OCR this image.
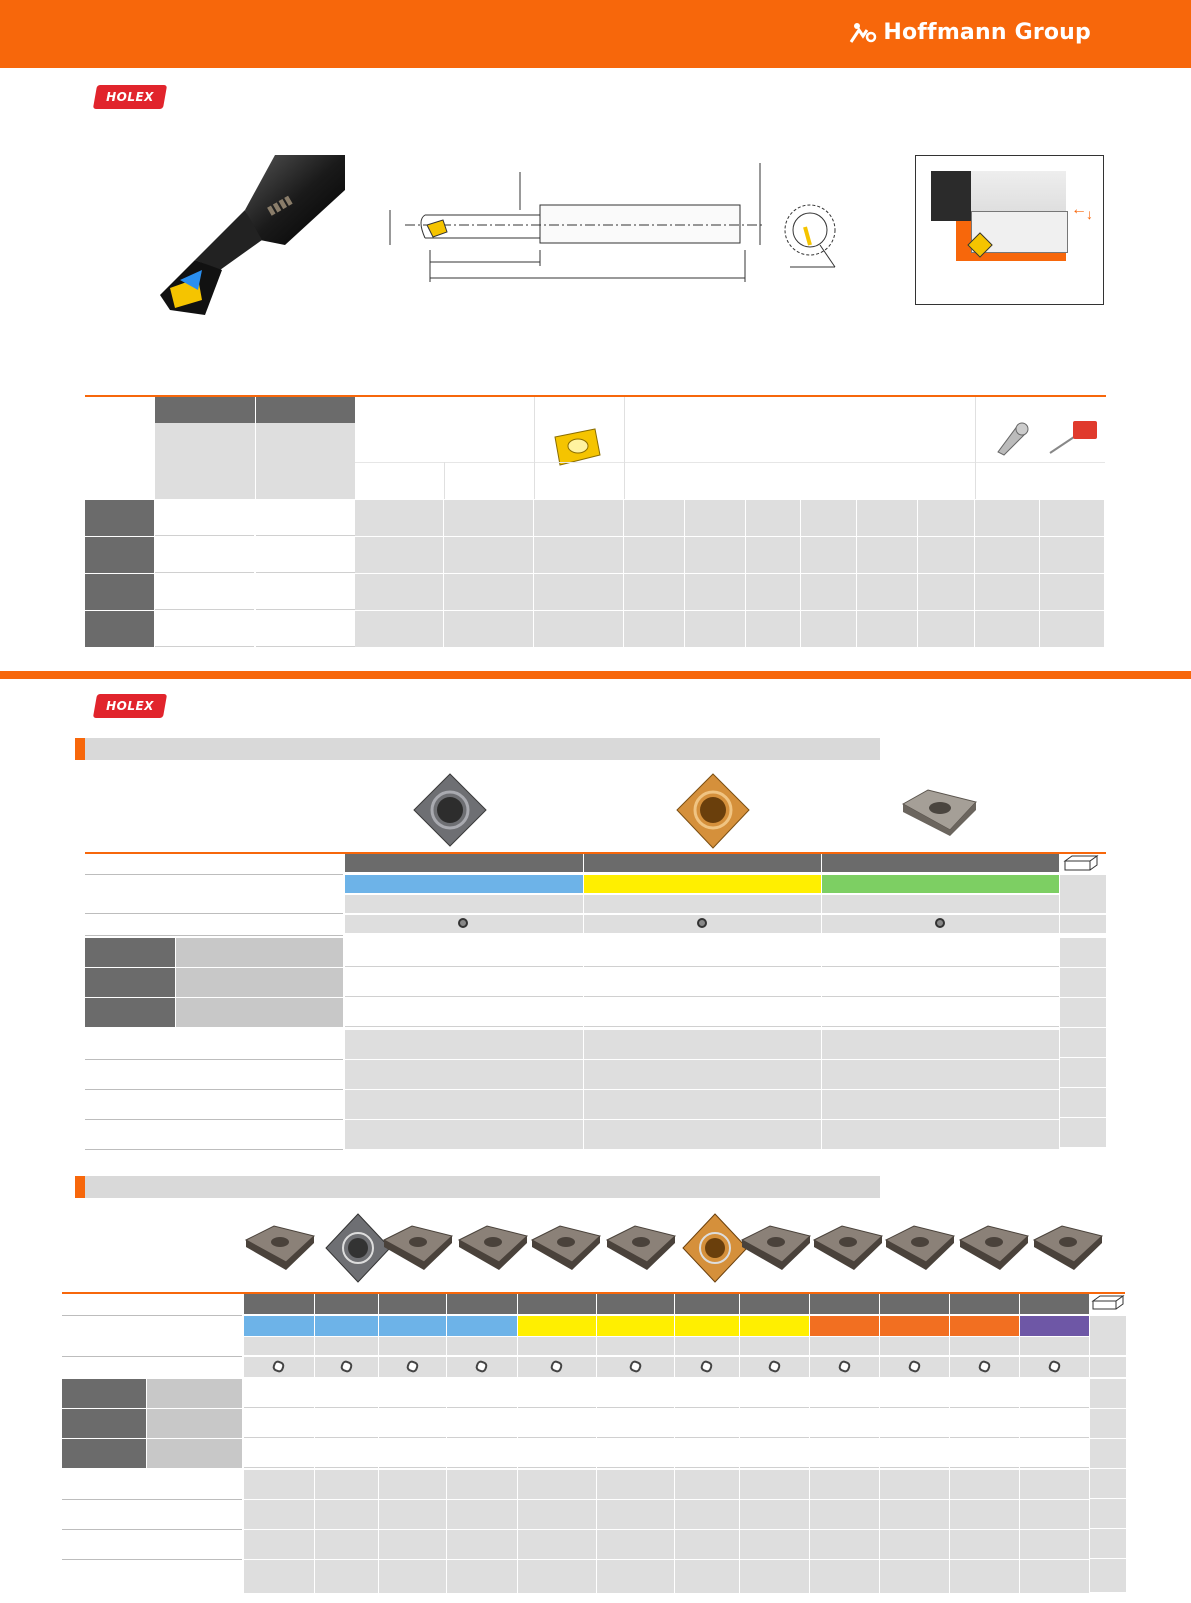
Hoffmann Group
HOLEX
▮▮▮▮	← ↓
HOLEX
